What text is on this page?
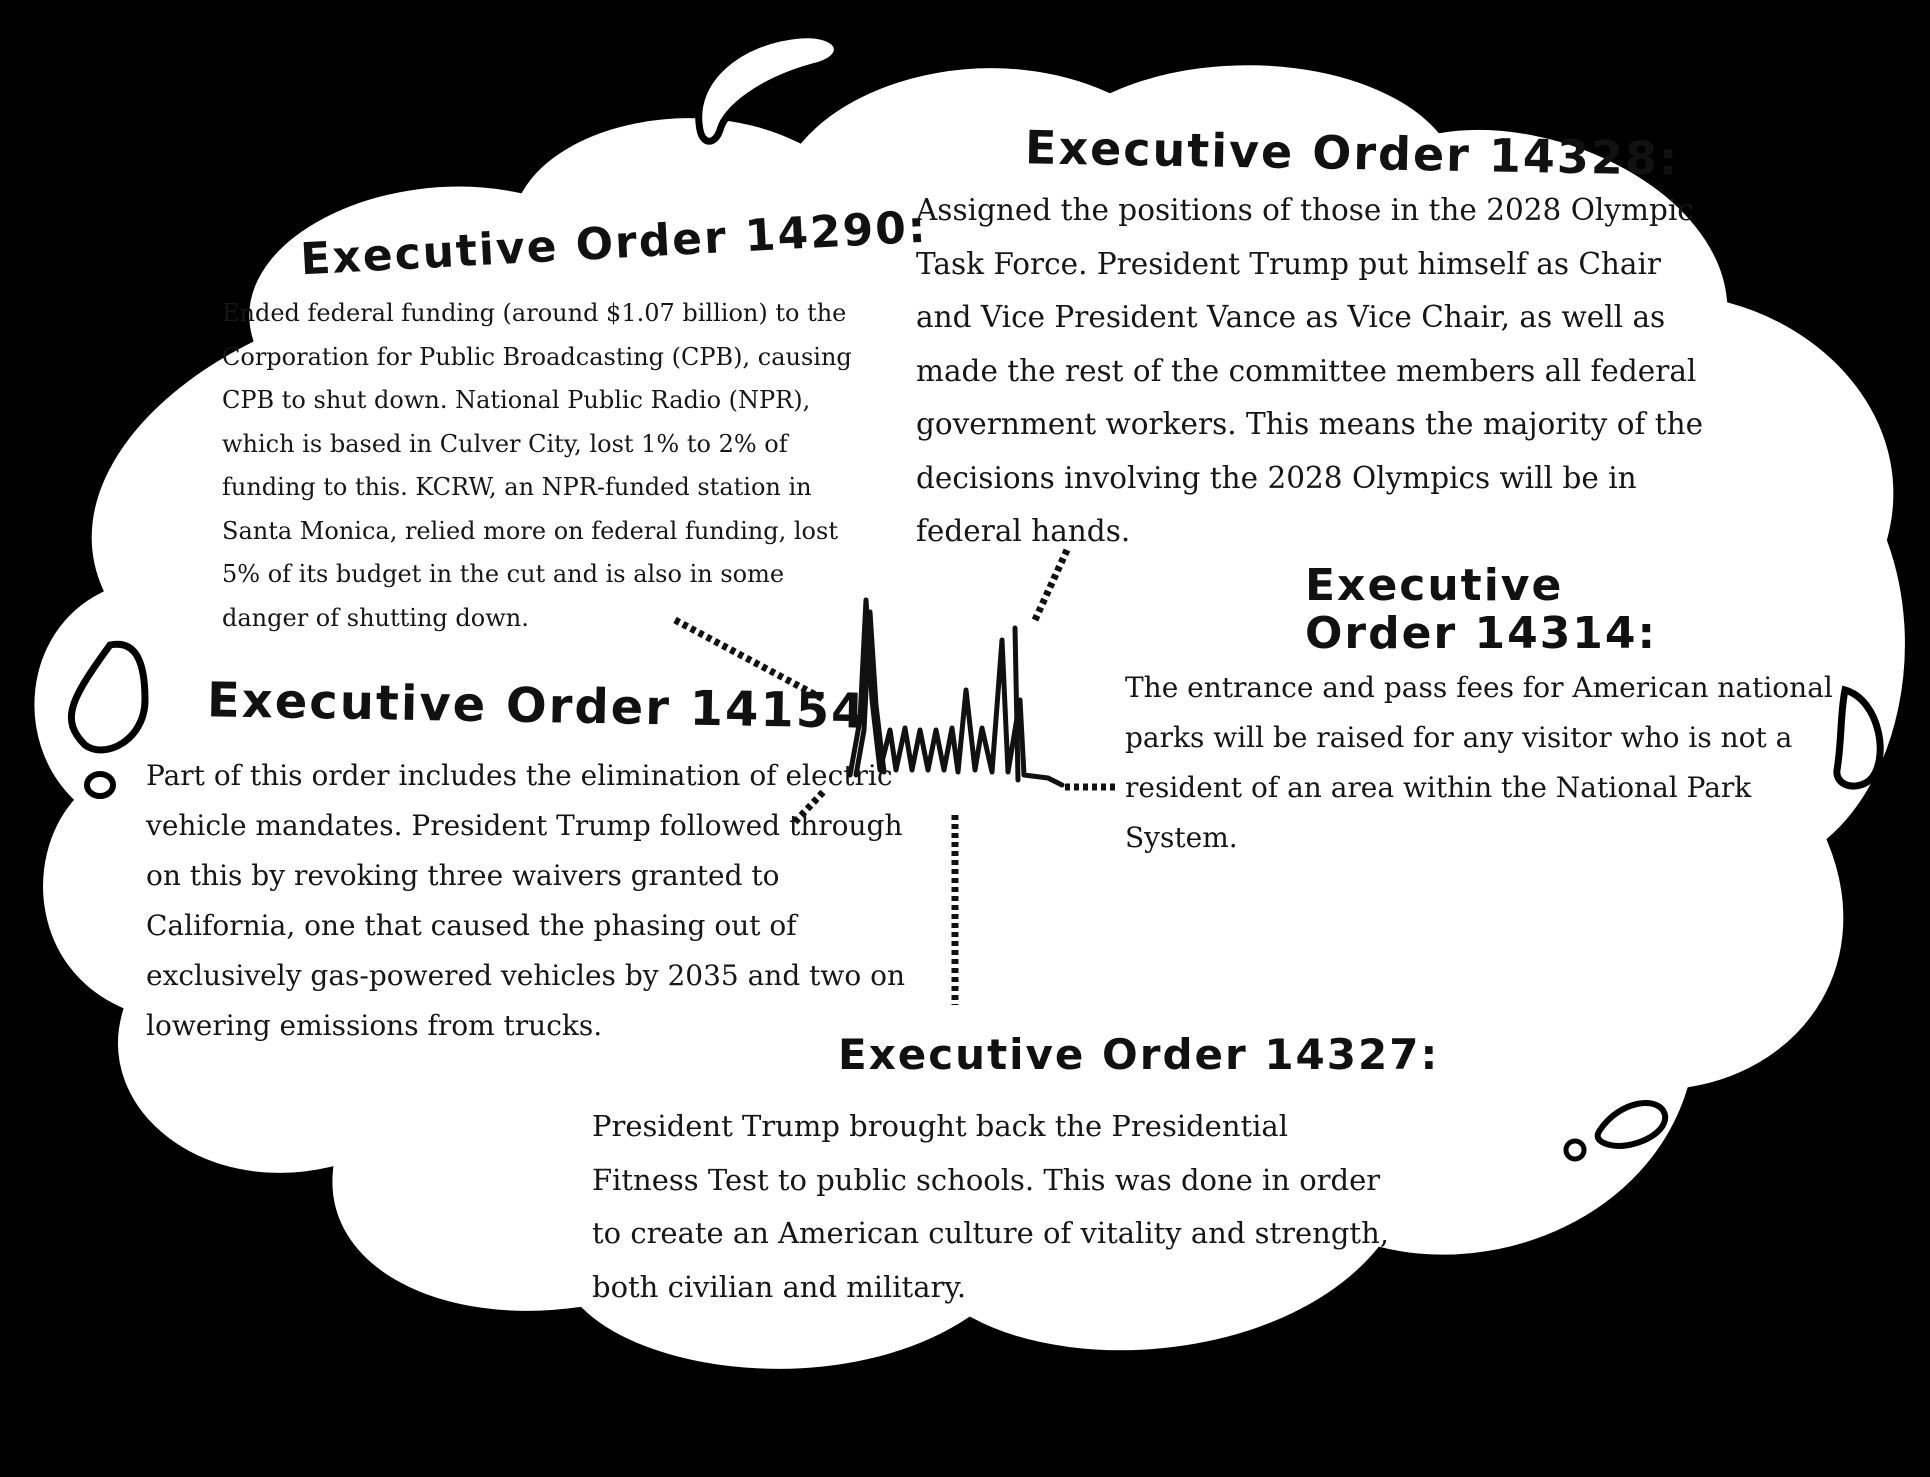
Executive Order 14290:

Ended federal funding (around $1.07 billion) to the Corporation for Public Broadcasting (CPB), causing CPB to shut down. National Public Radio (NPR), which is based in Culver City, lost 1% to 2% of funding to this. KCRW, an NPR-funded station in Santa Monica, relied more on federal funding, lost 5% of its budget in the cut and is also in some danger of shutting down.

Executive Order 14328:

Assigned the positions of those in the 2028 Olympic Task Force. President Trump put himself as Chair and Vice President Vance as Vice Chair, as well as made the rest of the committee members all federal government workers. This means the majority of the decisions involving the 2028 Olympics will be in federal hands.

Executive Order 14154

Part of this order includes the elimination of electric vehicle mandates. President Trump followed through on this by revoking three waivers granted to California, one that caused the phasing out of exclusively gas-powered vehicles by 2035 and two on lowering emissions from trucks.

Executive Order 14314:

The entrance and pass fees for American national parks will be raised for any visitor who is not a resident of an area within the National Park System.

Executive Order 14327:

President Trump brought back the Presidential Fitness Test to public schools. This was done in order to create an American culture of vitality and strength, both civilian and military.
